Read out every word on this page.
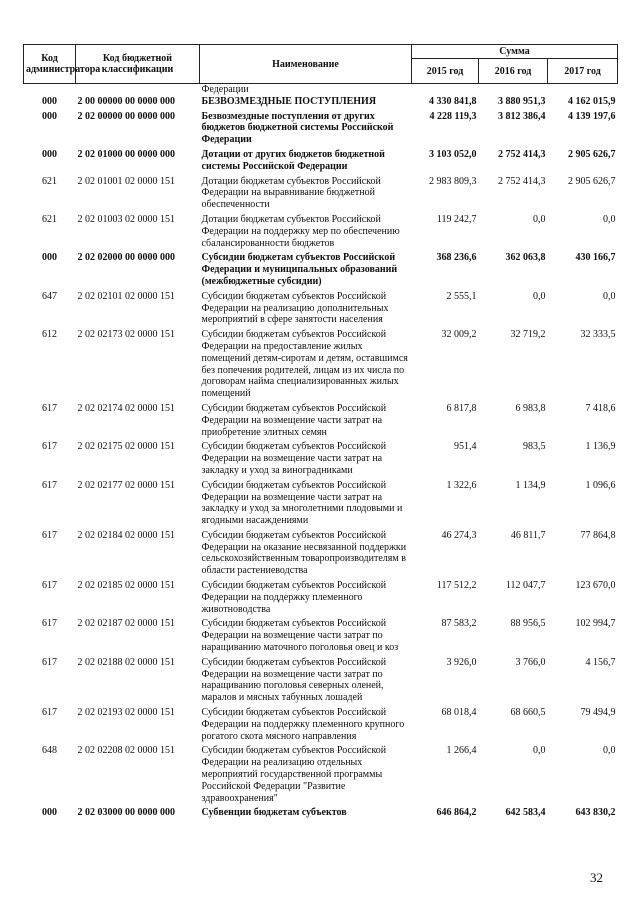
Код администратора	Код бюджетной классификации	Наименование	Сумма		
			2015 год	2016 год	2017 год
		Федерации			
000	2 00 00000 00 0000 000	БЕЗВОЗМЕЗДНЫЕ ПОСТУПЛЕНИЯ	4 330 841,8	3 880 951,3	4 162 015,9

000	2 02 00000 00 0000 000	Безвозмездные поступления от других бюджетов бюджетной системы Российской Федерации	4 228 119,3	3 812 386,4	4 139 197,6

000	2 02 01000 00 0000 000	Дотации от других бюджетов бюджетной системы Российской Федерации	3 103 052,0	2 752 414,3	2 905 626,7

621	2 02 01001 02 0000 151	Дотации бюджетам субъектов Российской Федерации на выравнивание бюджетной обеспеченности	2 983 809,3	2 752 414,3	2 905 626,7

621	2 02 01003 02 0000 151	Дотации бюджетам субъектов Российской Федерации на поддержку мер по обеспечению сбалансированности бюджетов	119 242,7	0,0	0,0

000	2 02 02000 00 0000 000	Субсидии бюджетам субъектов Российской Федерации и муниципальных образований (межбюджетные субсидии)	368 236,6	362 063,8	430 166,7

647	2 02 02101 02 0000 151	Субсидии бюджетам субъектов Российской Федерации на реализацию дополнительных мероприятий в сфере занятости населения	2 555,1	0,0	0,0

612	2 02 02173 02 0000 151	Субсидии бюджетам субъектов Российской Федерации на предоставление жилых помещений детям-сиротам и детям, оставшимся без попечения родителей, лицам из их числа по договорам найма специализированных жилых помещений	32 009,2	32 719,2	32 333,5

617	2 02 02174 02 0000 151	Субсидии бюджетам субъектов Российской Федерации на возмещение части затрат на приобретение элитных семян	6 817,8	6 983,8	7 418,6

617	2 02 02175 02 0000 151	Субсидии бюджетам субъектов Российской Федерации на возмещение части затрат на закладку и уход за виноградниками	951,4	983,5	1 136,9

617	2 02 02177 02 0000 151	Субсидии бюджетам субъектов Российской Федерации на возмещение части затрат на закладку и уход за многолетними плодовыми и ягодными насаждениями	1 322,6	1 134,9	1 096,6

617	2 02 02184 02 0000 151	Субсидии бюджетам субъектов Российской Федерации на оказание несвязанной поддержки сельскохозяйственным товаропроизводителям в области растениеводства	46 274,3	46 811,7	77 864,8

617	2 02 02185 02 0000 151	Субсидии бюджетам субъектов Российской Федерации на поддержку племенного животноводства	117 512,2	112 047,7	123 670,0

617	2 02 02187 02 0000 151	Субсидии бюджетам субъектов Российской Федерации на возмещение части затрат по наращиванию маточного поголовья овец и коз	87 583,2	88 956,5	102 994,7

617	2 02 02188 02 0000 151	Субсидии бюджетам субъектов Российской Федерации на возмещение части затрат по наращиванию поголовья северных оленей, маралов и мясных табунных лошадей	3 926,0	3 766,0	4 156,7

617	2 02 02193 02 0000 151	Субсидии бюджетам субъектов Российской Федерации на поддержку племенного крупного рогатого скота мясного направления	68 018,4	68 660,5	79 494,9

648	2 02 02208 02 0000 151	Субсидии бюджетам субъектов Российской Федерации на реализацию отдельных мероприятий государственной программы Российской Федерации "Развитие здравоохранения"	1 266,4	0,0	0,0

000	2 02 03000 00 0000 000	Субвенции бюджетам субъектов	646 864,2	642 583,4	643 830,2
32
